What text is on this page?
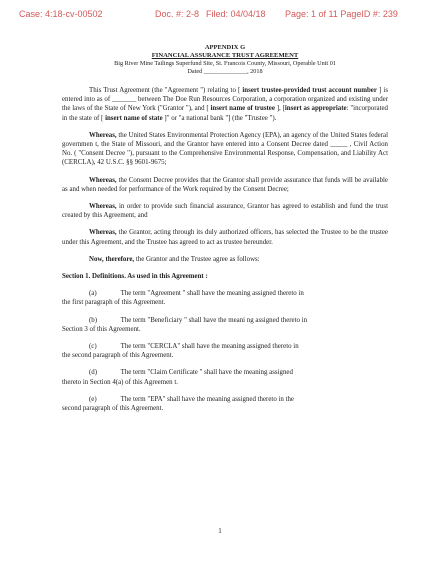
Case: 4:18-cv-00502	Doc. #: 2-8 Filed: 04/04/18 Page: 1 of 11 PageID #: 239
APPENDIX G
FINANCIAL ASSURANCE TRUST AGREEMENT
Big River Mine Tailings Superfund Site, St. Francois County, Missouri, Operable Unit 01
Dated ______________, 2018

This Trust Agreement (the "Agreement ") relating to [ insert trustee-provided trust account number ] is entered into as of _______ between The Doe Run Resources Corporation, a corporation organized and existing under the laws of the State of New York ("Grantor "), and [ insert name of trustee ], [insert as appropriate: "incorporated in the state of [ insert name of state ]" or "a national bank "] (the "Trustee ").

Whereas, the United States Environmental Protection Agency (EPA), an agency of the United States federal governmen t, the State of Missouri, and the Grantor have entered into a Consent Decree dated _____ , Civil Action No. ( "Consent Decree "), pursuant to the Comprehensive Environmental Response, Compensation, and Liability Act (CERCLA), 42 U.S.C. §§ 9601-9675;

Whereas, the Consent Decree provides that the Grantor shall provide assurance that funds will be available as and when needed for performance of the Work required by the Consent Decree;

Whereas, in order to provide such financial assurance, Grantor has agreed to establish and fund the trust created by this Agreement, and

Whereas, the Grantor, acting through its duly authorized officers, has selected the Trustee to be the trustee under this Agreement, and the Trustee has agreed to act as trustee hereunder.

Now, therefore, the Grantor and the Trustee agree as follows:

Section 1. Definitions. As used in this Agreement :

(a)	The term "Agreement " shall have the meaning assigned thereto in
the first paragraph of this Agreement.

(b)	The term "Beneficiary " shall have the meani ng assigned thereto in
Section 3 of this Agreement.

(c)	The term "CERCLA" shall have the meaning assigned thereto in
the second paragraph of this Agreement.

(d)	The term "Claim Certificate " shall have the meaning assigned
thereto in Section 4(a) of this Agreemen t.

(e)	The term "EPA" shall have the meaning assigned thereto in the
second paragraph of this Agreement.

1
